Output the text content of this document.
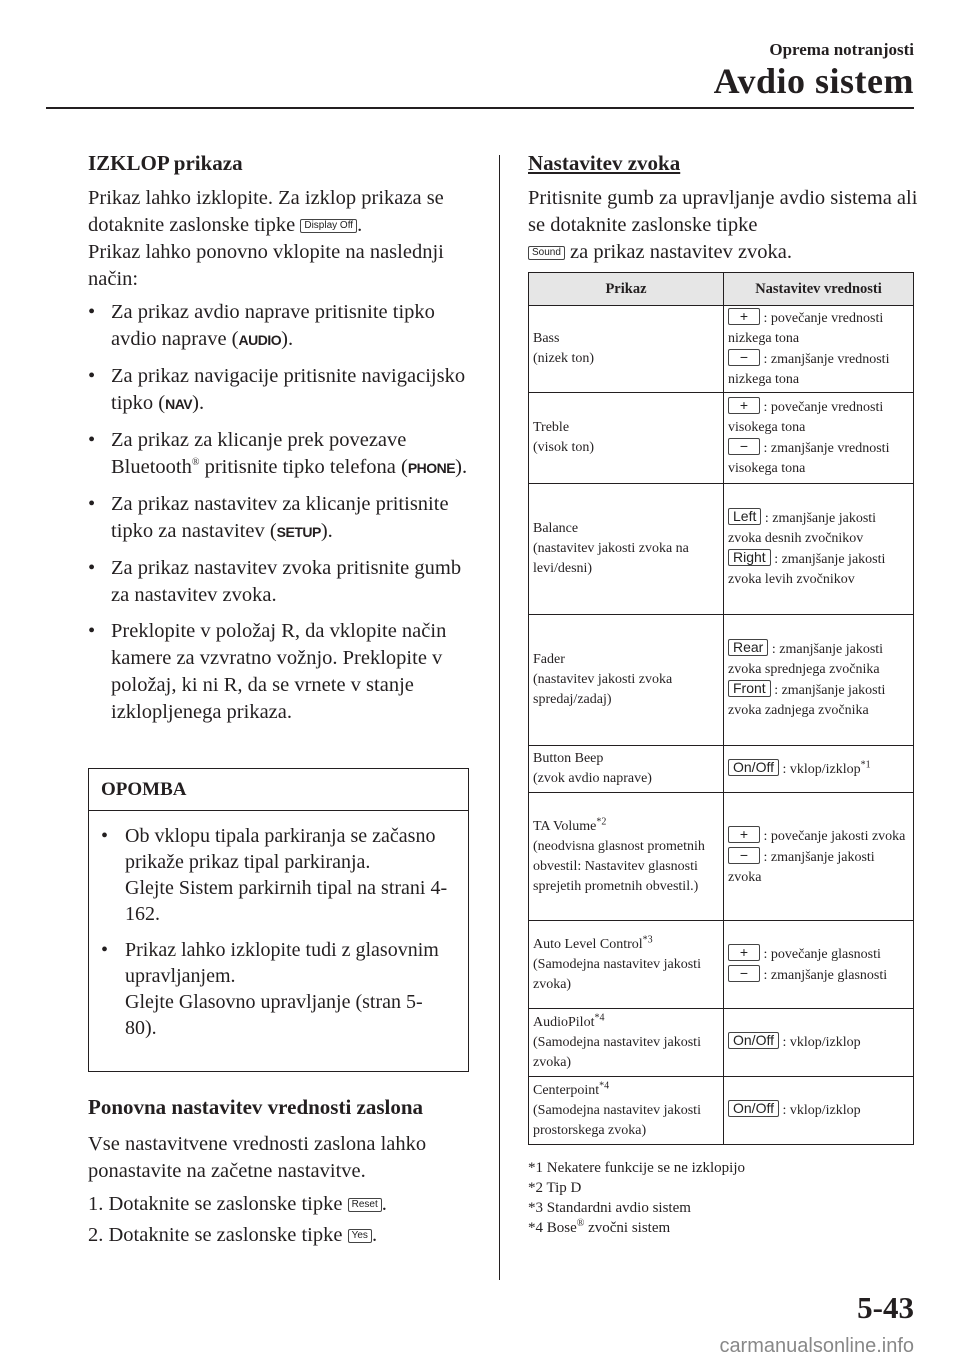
Oprema notranjosti
Avdio sistem
IZKLOP prikaza

Prikaz lahko izklopite. Za izklop prikaza se dotaknite zaslonske tipke Display Off .

Prikaz lahko ponovno vklopite na naslednji način:

• Za prikaz avdio naprave pritisnite tipko avdio naprave (AUDIO).
• Za prikaz navigacije pritisnite navigacijsko tipko (NAV).
• Za prikaz za klicanje prek povezave Bluetooth® pritisnite tipko telefona (PHONE).
• Za prikaz nastavitev za klicanje pritisnite tipko za nastavitev (SETUP).
• Za prikaz nastavitev zvoka pritisnite gumb za nastavitev zvoka.
• Preklopite v položaj R, da vklopite način kamere za vzvratno vožnjo. Preklopite v položaj, ki ni R, da se vrnete v stanje izklopljenega prikaza.
OPOMBA
• Ob vklopu tipala parkiranja se začasno prikaže prikaz tipal parkiranja.
Glejte Sistem parkirnih tipal na strani 4-162.
• Prikaz lahko izklopite tudi z glasovnim upravljanjem.
Glejte Glasovno upravljanje (stran 5-80).
Ponovna nastavitev vrednosti zaslona

Vse nastavitvene vrednosti zaslona lahko ponastavite na začetne nastavitve.

1. Dotaknite se zaslonske tipke Reset .
2. Dotaknite se zaslonske tipke Yes .
Nastavitev zvoka

Pritisnite gumb za upravljanje avdio sistema ali se dotaknite zaslonske tipke
Sound za prikaz nastavitev zvoka.

Prikaz	Nastavitev vrednosti
Bass
(nizek ton)	+ : povečanje vrednosti nizkega tona
− : zmanjšanje vrednosti nizkega tona
Treble
(visok ton)	+ : povečanje vrednosti visokega tona
− : zmanjšanje vrednosti visokega tona
Balance
(nastavitev jakosti zvoka na levi/desni)	Left : zmanjšanje jakosti zvoka desnih zvočnikov
Right : zmanjšanje jakosti zvoka levih zvočnikov
Fader
(nastavitev jakosti zvoka spredaj/zadaj)	Rear : zmanjšanje jakosti zvoka sprednjega zvočnika
Front : zmanjšanje jakosti zvoka zadnjega zvočnika
Button Beep
(zvok avdio naprave)	On/Off : vklop/izklop$^{*1}$
TA Volume$^{*2}$
(neodvisna glasnost prometnih obvestil: Nastavitev glasnosti sprejetih prometnih obvestil.)	+ : povečanje jakosti zvoka
− : zmanjšanje jakosti zvoka
Auto Level Control$^{*3}$
(Samodejna nastavitev jakosti zvoka)	+ : povečanje glasnosti
− : zmanjšanje glasnosti
AudioPilot$^{*4}$
(Samodejna nastavitev jakosti zvoka)	On/Off : vklop/izklop
Centerpoint$^{*4}$
(Samodejna nastavitev jakosti prostorskega zvoka)	On/Off : vklop/izklop
*1 Nekatere funkcije se ne izklopijo
*2 Tip D
*3 Standardni avdio sistem
*4 Bose® zvočni sistem
5-43
carmanualsonline.info
